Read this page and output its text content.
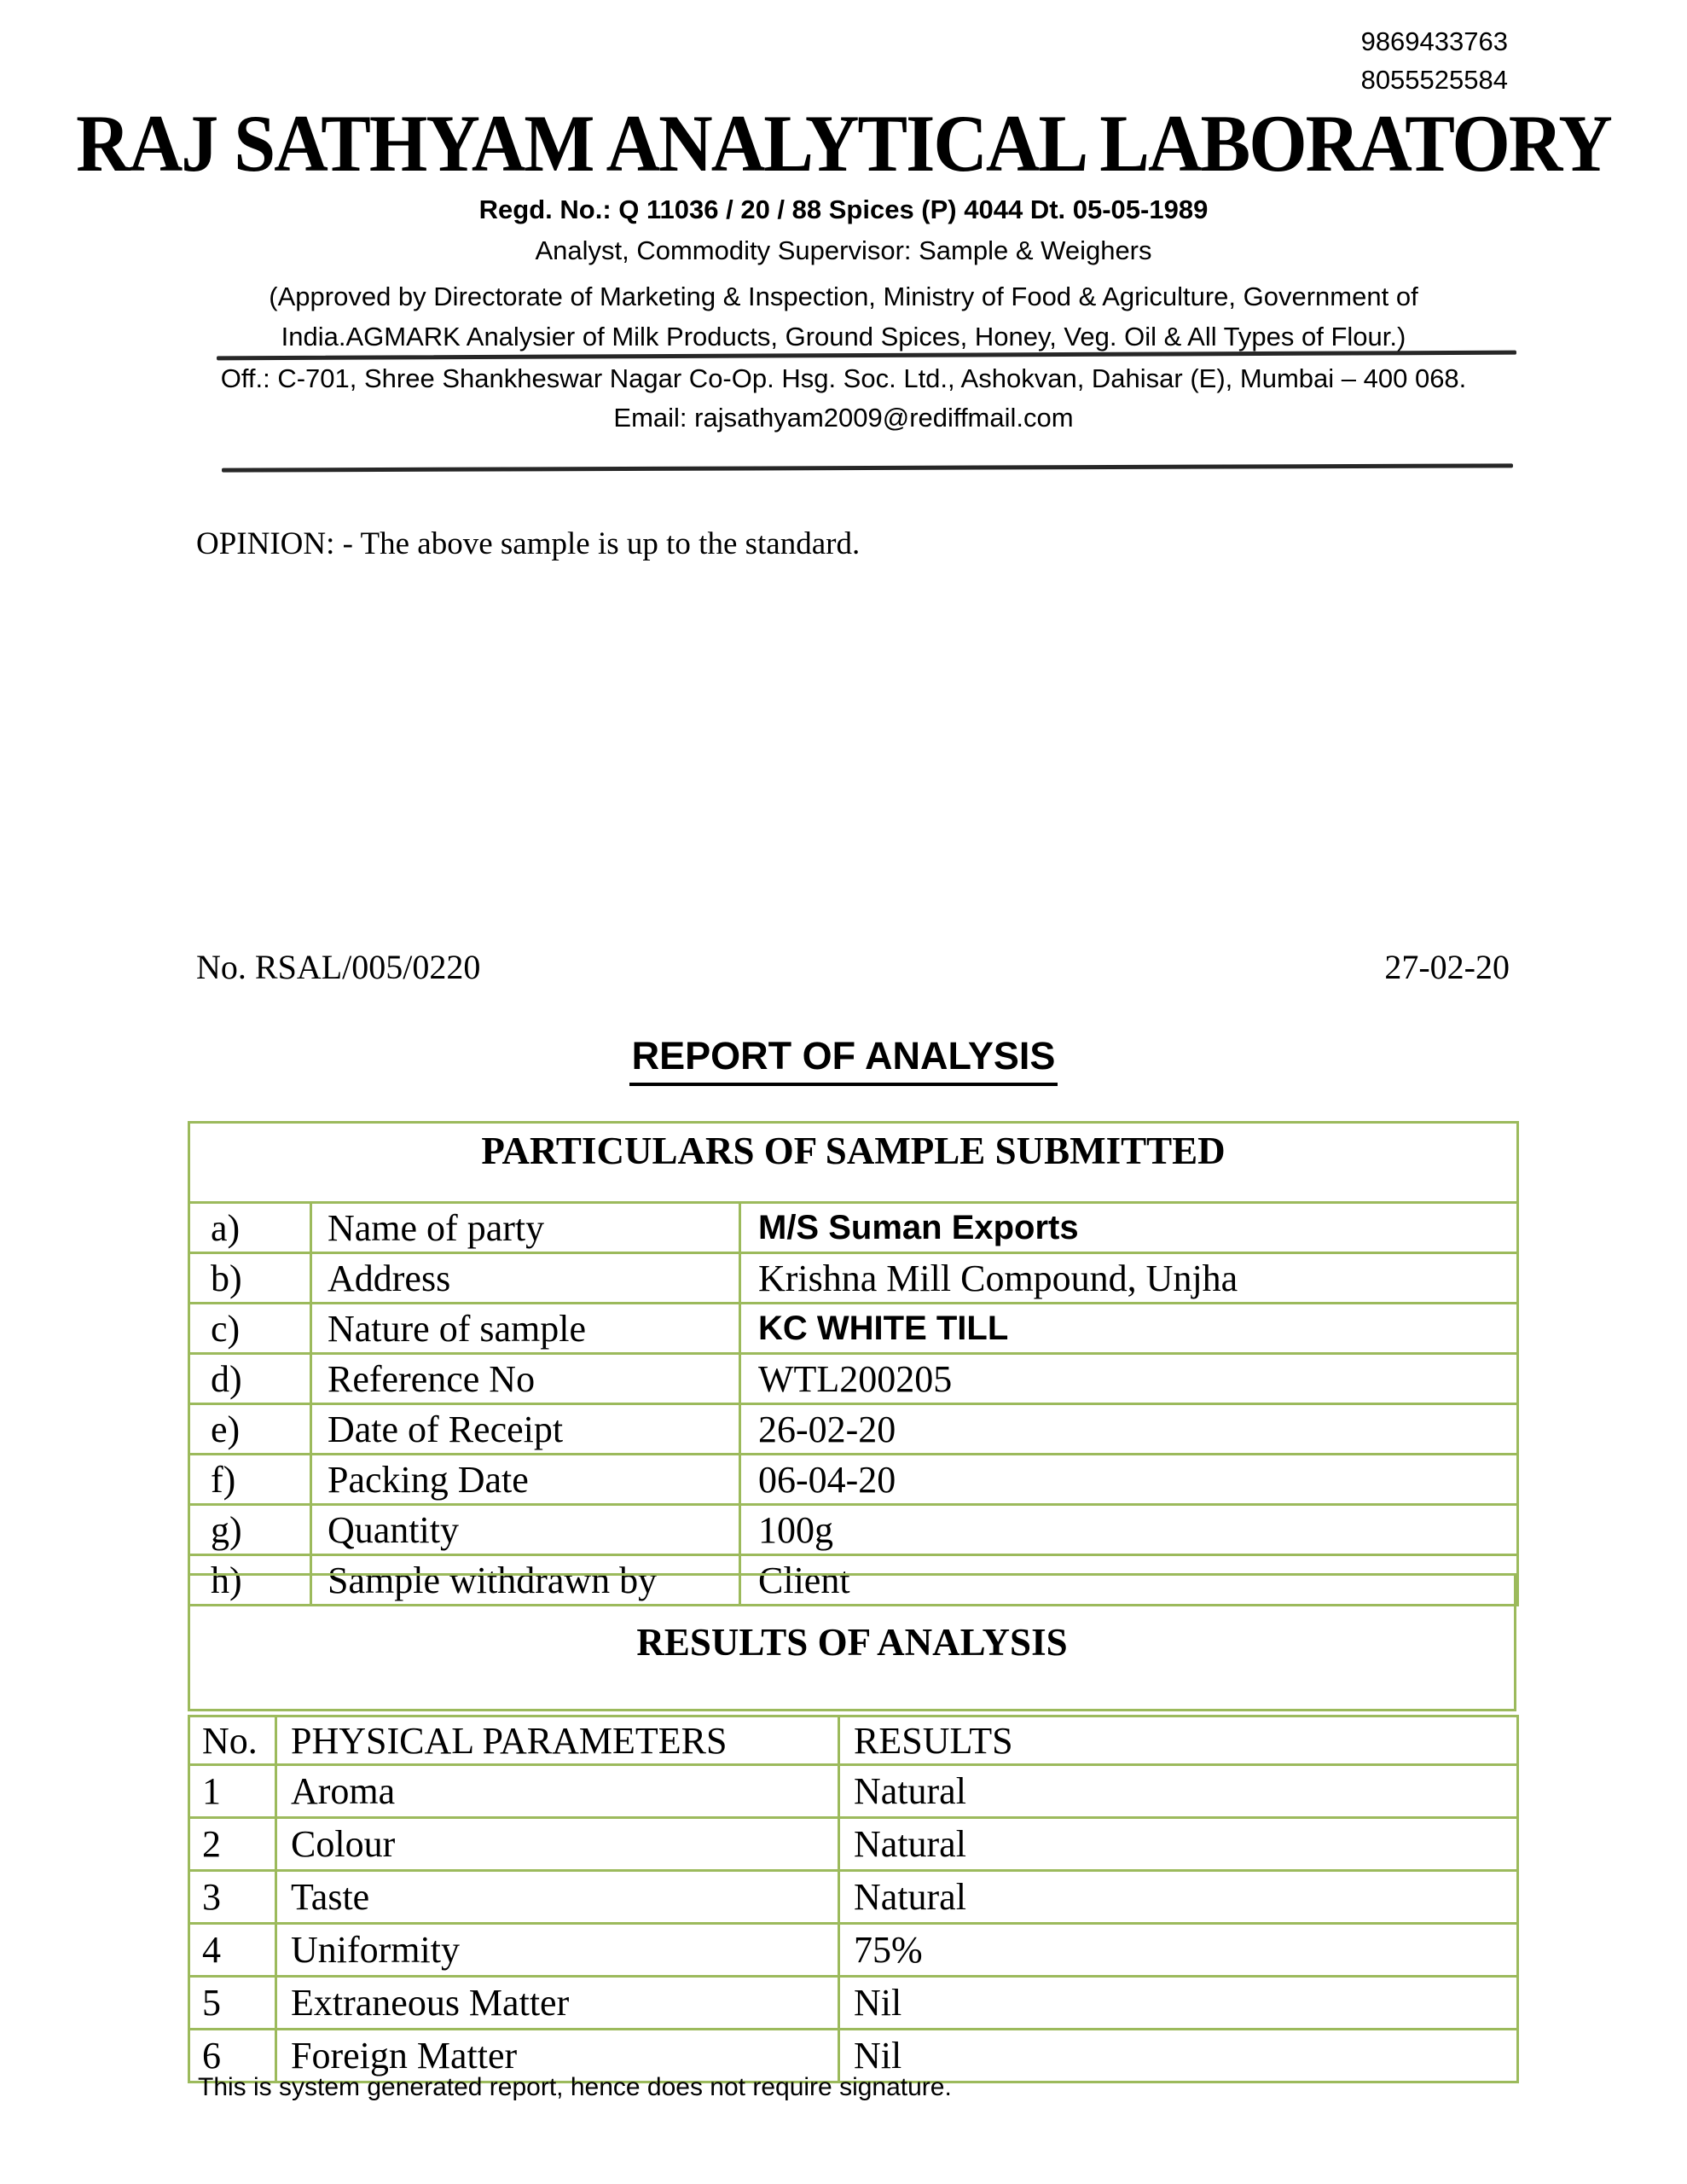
9869433763
8055525584
RAJ SATHYAM ANALYTICAL LABORATORY
Regd. No.: Q 11036 / 20 / 88 Spices (P) 4044 Dt. 05-05-1989
Analyst, Commodity Supervisor: Sample & Weighers
(Approved by Directorate of Marketing & Inspection, Ministry of Food & Agriculture, Government of
India.AGMARK Analysier of Milk Products, Ground Spices, Honey, Veg. Oil & All Types of Flour.)
Off.: C-701, Shree Shankheswar Nagar Co-Op. Hsg. Soc. Ltd., Ashokvan, Dahisar (E), Mumbai – 400 068.
Email: rajsathyam2009@rediffmail.com
OPINION: - The above sample is up to the standard.
No. RSAL/005/0220	27-02-20
REPORT OF ANALYSIS
PARTICULARS OF SAMPLE SUBMITTED		
a)	Name of party	M/S Suman Exports
b)	Address	Krishna Mill Compound, Unjha
c)	Nature of sample	KC WHITE TILL
d)	Reference No	WTL200205
e)	Date of Receipt	26-02-20
f)	Packing Date	06-04-20
g)	Quantity	100g
h)	Sample withdrawn by	Client
RESULTS OF ANALYSIS
No.	PHYSICAL PARAMETERS	RESULTS
1	Aroma	Natural
2	Colour	Natural
3	Taste	Natural
4	Uniformity	75%
5	Extraneous Matter	Nil
6	Foreign Matter	Nil
This is system generated report, hence does not require signature.
